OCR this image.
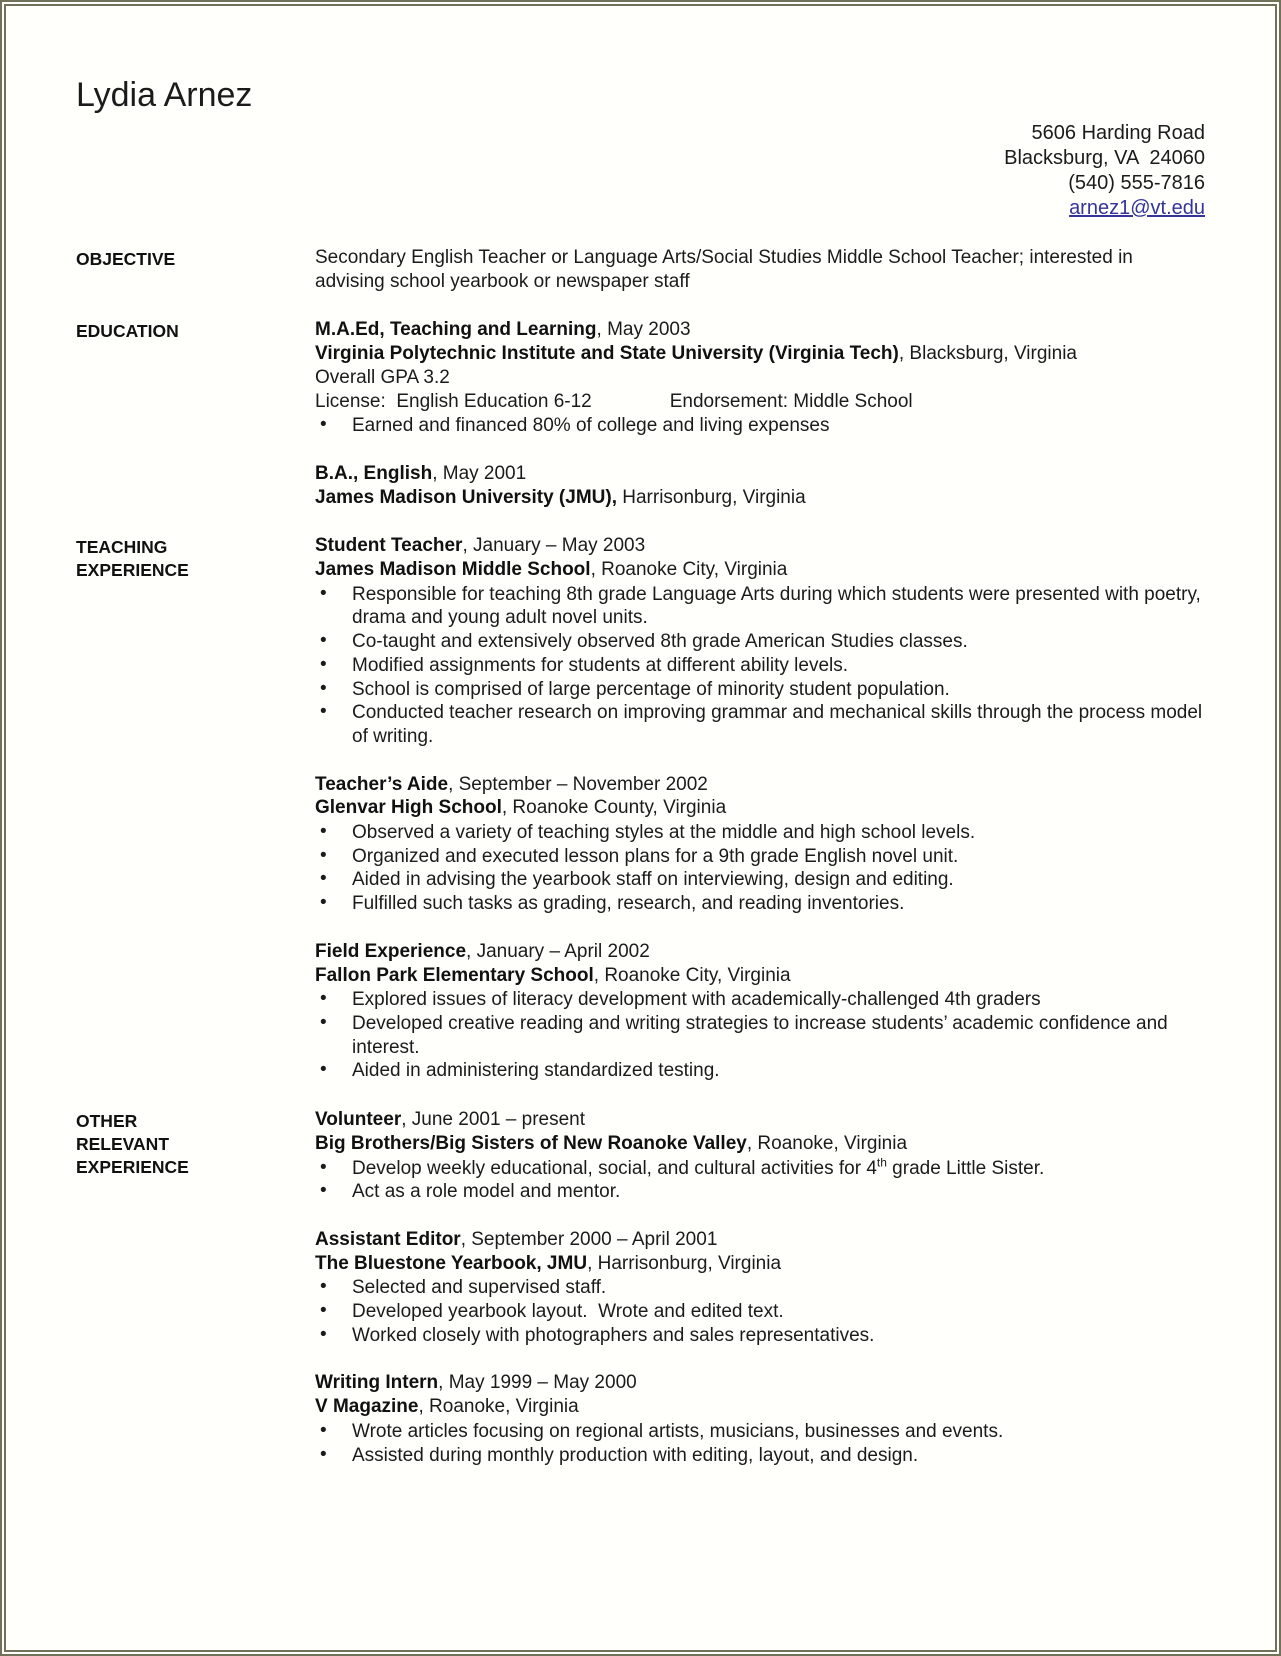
Lydia Arnez
5606 Harding Road
Blacksburg, VA  24060
(540) 555-7816
arnez1@vt.edu
OBJECTIVE	Secondary English Teacher or Language Arts/Social Studies Middle School Teacher; interested in advising school yearbook or newspaper staff
EDUCATION	M.A.Ed, Teaching and Learning, May 2003
Virginia Polytechnic Institute and State University (Virginia Tech), Blacksburg, Virginia
Overall GPA 3.2
License:  English Education 6-12	Endorsement: Middle School
• Earned and financed 80% of college and living expenses
B.A., English, May 2001
James Madison University (JMU), Harrisonburg, Virginia
TEACHING EXPERIENCE
Student Teacher, January – May 2003
James Madison Middle School, Roanoke City, Virginia
• Responsible for teaching 8th grade Language Arts during which students were presented with poetry, drama and young adult novel units.
• Co-taught and extensively observed 8th grade American Studies classes.
• Modified assignments for students at different ability levels.
• School is comprised of large percentage of minority student population.
• Conducted teacher research on improving grammar and mechanical skills through the process model of writing.
Teacher’s Aide, September – November 2002
Glenvar High School, Roanoke County, Virginia
• Observed a variety of teaching styles at the middle and high school levels.
• Organized and executed lesson plans for a 9th grade English novel unit.
• Aided in advising the yearbook staff on interviewing, design and editing.
• Fulfilled such tasks as grading, research, and reading inventories.
Field Experience, January – April 2002
Fallon Park Elementary School, Roanoke City, Virginia
• Explored issues of literacy development with academically-challenged 4th graders
• Developed creative reading and writing strategies to increase students’ academic confidence and interest.
• Aided in administering standardized testing.
OTHER RELEVANT EXPERIENCE
Volunteer, June 2001 – present
Big Brothers/Big Sisters of New Roanoke Valley, Roanoke, Virginia
• Develop weekly educational, social, and cultural activities for 4th grade Little Sister.
• Act as a role model and mentor.
Assistant Editor, September 2000 – April 2001
The Bluestone Yearbook, JMU, Harrisonburg, Virginia
• Selected and supervised staff.
• Developed yearbook layout.  Wrote and edited text.
• Worked closely with photographers and sales representatives.
Writing Intern, May 1999 – May 2000
V Magazine, Roanoke, Virginia
• Wrote articles focusing on regional artists, musicians, businesses and events.
• Assisted during monthly production with editing, layout, and design.
